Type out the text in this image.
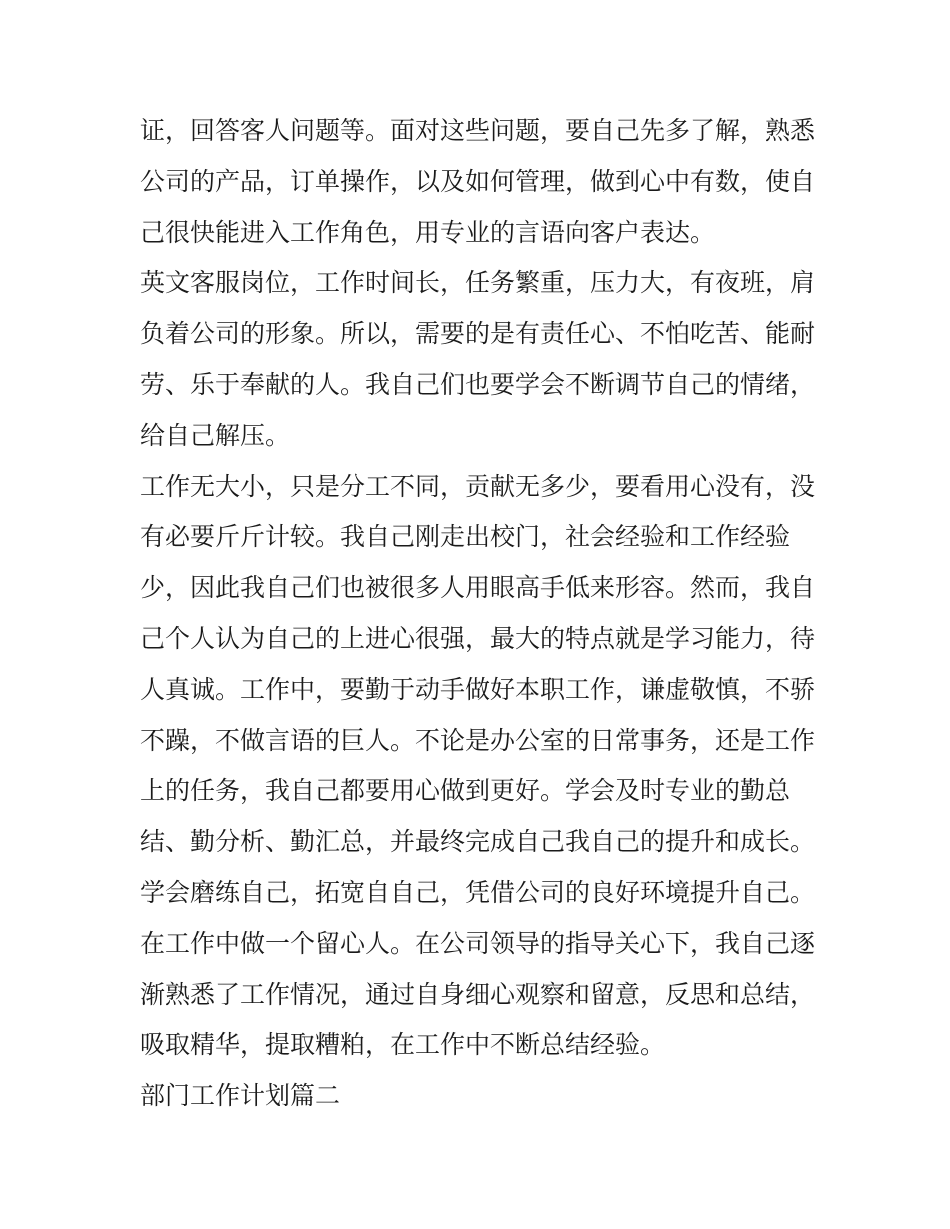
证，回答客人问题等。面对这些问题，要自己先多了解，熟悉
公司的产品，订单操作，以及如何管理，做到心中有数，使自
己很快能进入工作角色，用专业的言语向客户表达。
英文客服岗位，工作时间长，任务繁重，压力大，有夜班，肩
负着公司的形象。所以，需要的是有责任心、不怕吃苦、能耐
劳、乐于奉献的人。我自己们也要学会不断调节自己的情绪，
给自己解压。
工作无大小，只是分工不同，贡献无多少，要看用心没有，没
有必要斤斤计较。我自己刚走出校门，社会经验和工作经验
少，因此我自己们也被很多人用眼高手低来形容。然而，我自
己个人认为自己的上进心很强，最大的特点就是学习能力，待
人真诚。工作中，要勤于动手做好本职工作，谦虚敬慎，不骄
不躁，不做言语的巨人。不论是办公室的日常事务，还是工作
上的任务，我自己都要用心做到更好。学会及时专业的勤总
结、勤分析、勤汇总，并最终完成自己我自己的提升和成长。
学会磨练自己，拓宽自自己，凭借公司的良好环境提升自己。
在工作中做一个留心人。在公司领导的指导关心下，我自己逐
渐熟悉了工作情况，通过自身细心观察和留意，反思和总结，
吸取精华，提取糟粕，在工作中不断总结经验。
部门工作计划篇二
